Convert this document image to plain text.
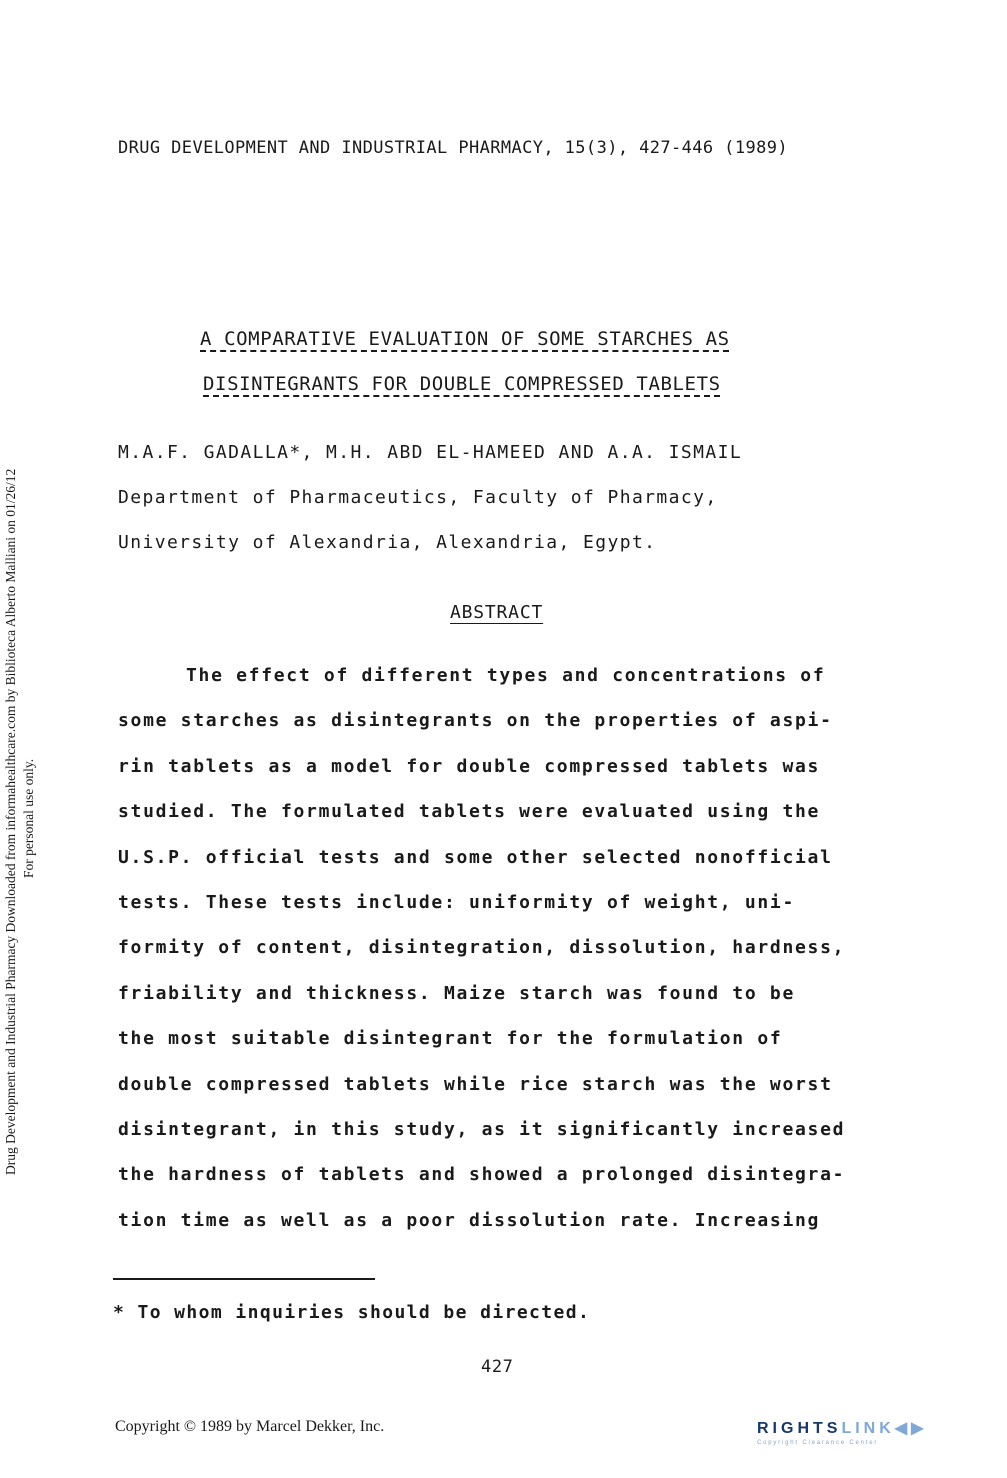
Drug Development and Industrial Pharmacy Downloaded from informahealthcare.com by Biblioteca Alberto Malliani on 01/26/12 For personal use only.
DRUG DEVELOPMENT AND INDUSTRIAL PHARMACY, 15(3), 427-446 (1989)
A COMPARATIVE EVALUATION OF SOME STARCHES AS
DISINTEGRANTS FOR DOUBLE COMPRESSED TABLETS
M.A.F. GADALLA*, M.H. ABD EL-HAMEED AND A.A. ISMAIL
Department of Pharmaceutics, Faculty of Pharmacy,
University of Alexandria, Alexandria, Egypt.
ABSTRACT
The effect of different types and concentrations of
some starches as disintegrants on the properties of aspi-
rin tablets as a model for double compressed tablets was
studied. The formulated tablets were evaluated using the
U.S.P. official tests and some other selected nonofficial
tests. These tests include: uniformity of weight, uni-
formity of content, disintegration, dissolution, hardness,
friability and thickness. Maize starch was found to be
the most suitable disintegrant for the formulation of
double compressed tablets while rice starch was the worst
disintegrant, in this study, as it significantly increased
the hardness of tablets and showed a prolonged disintegra-
tion time as well as a poor dissolution rate. Increasing
* To whom inquiries should be directed.
427
Copyright © 1989 by Marcel Dekker, Inc.	RIGHTSLINK◀▶
Copyright Clearance Center
